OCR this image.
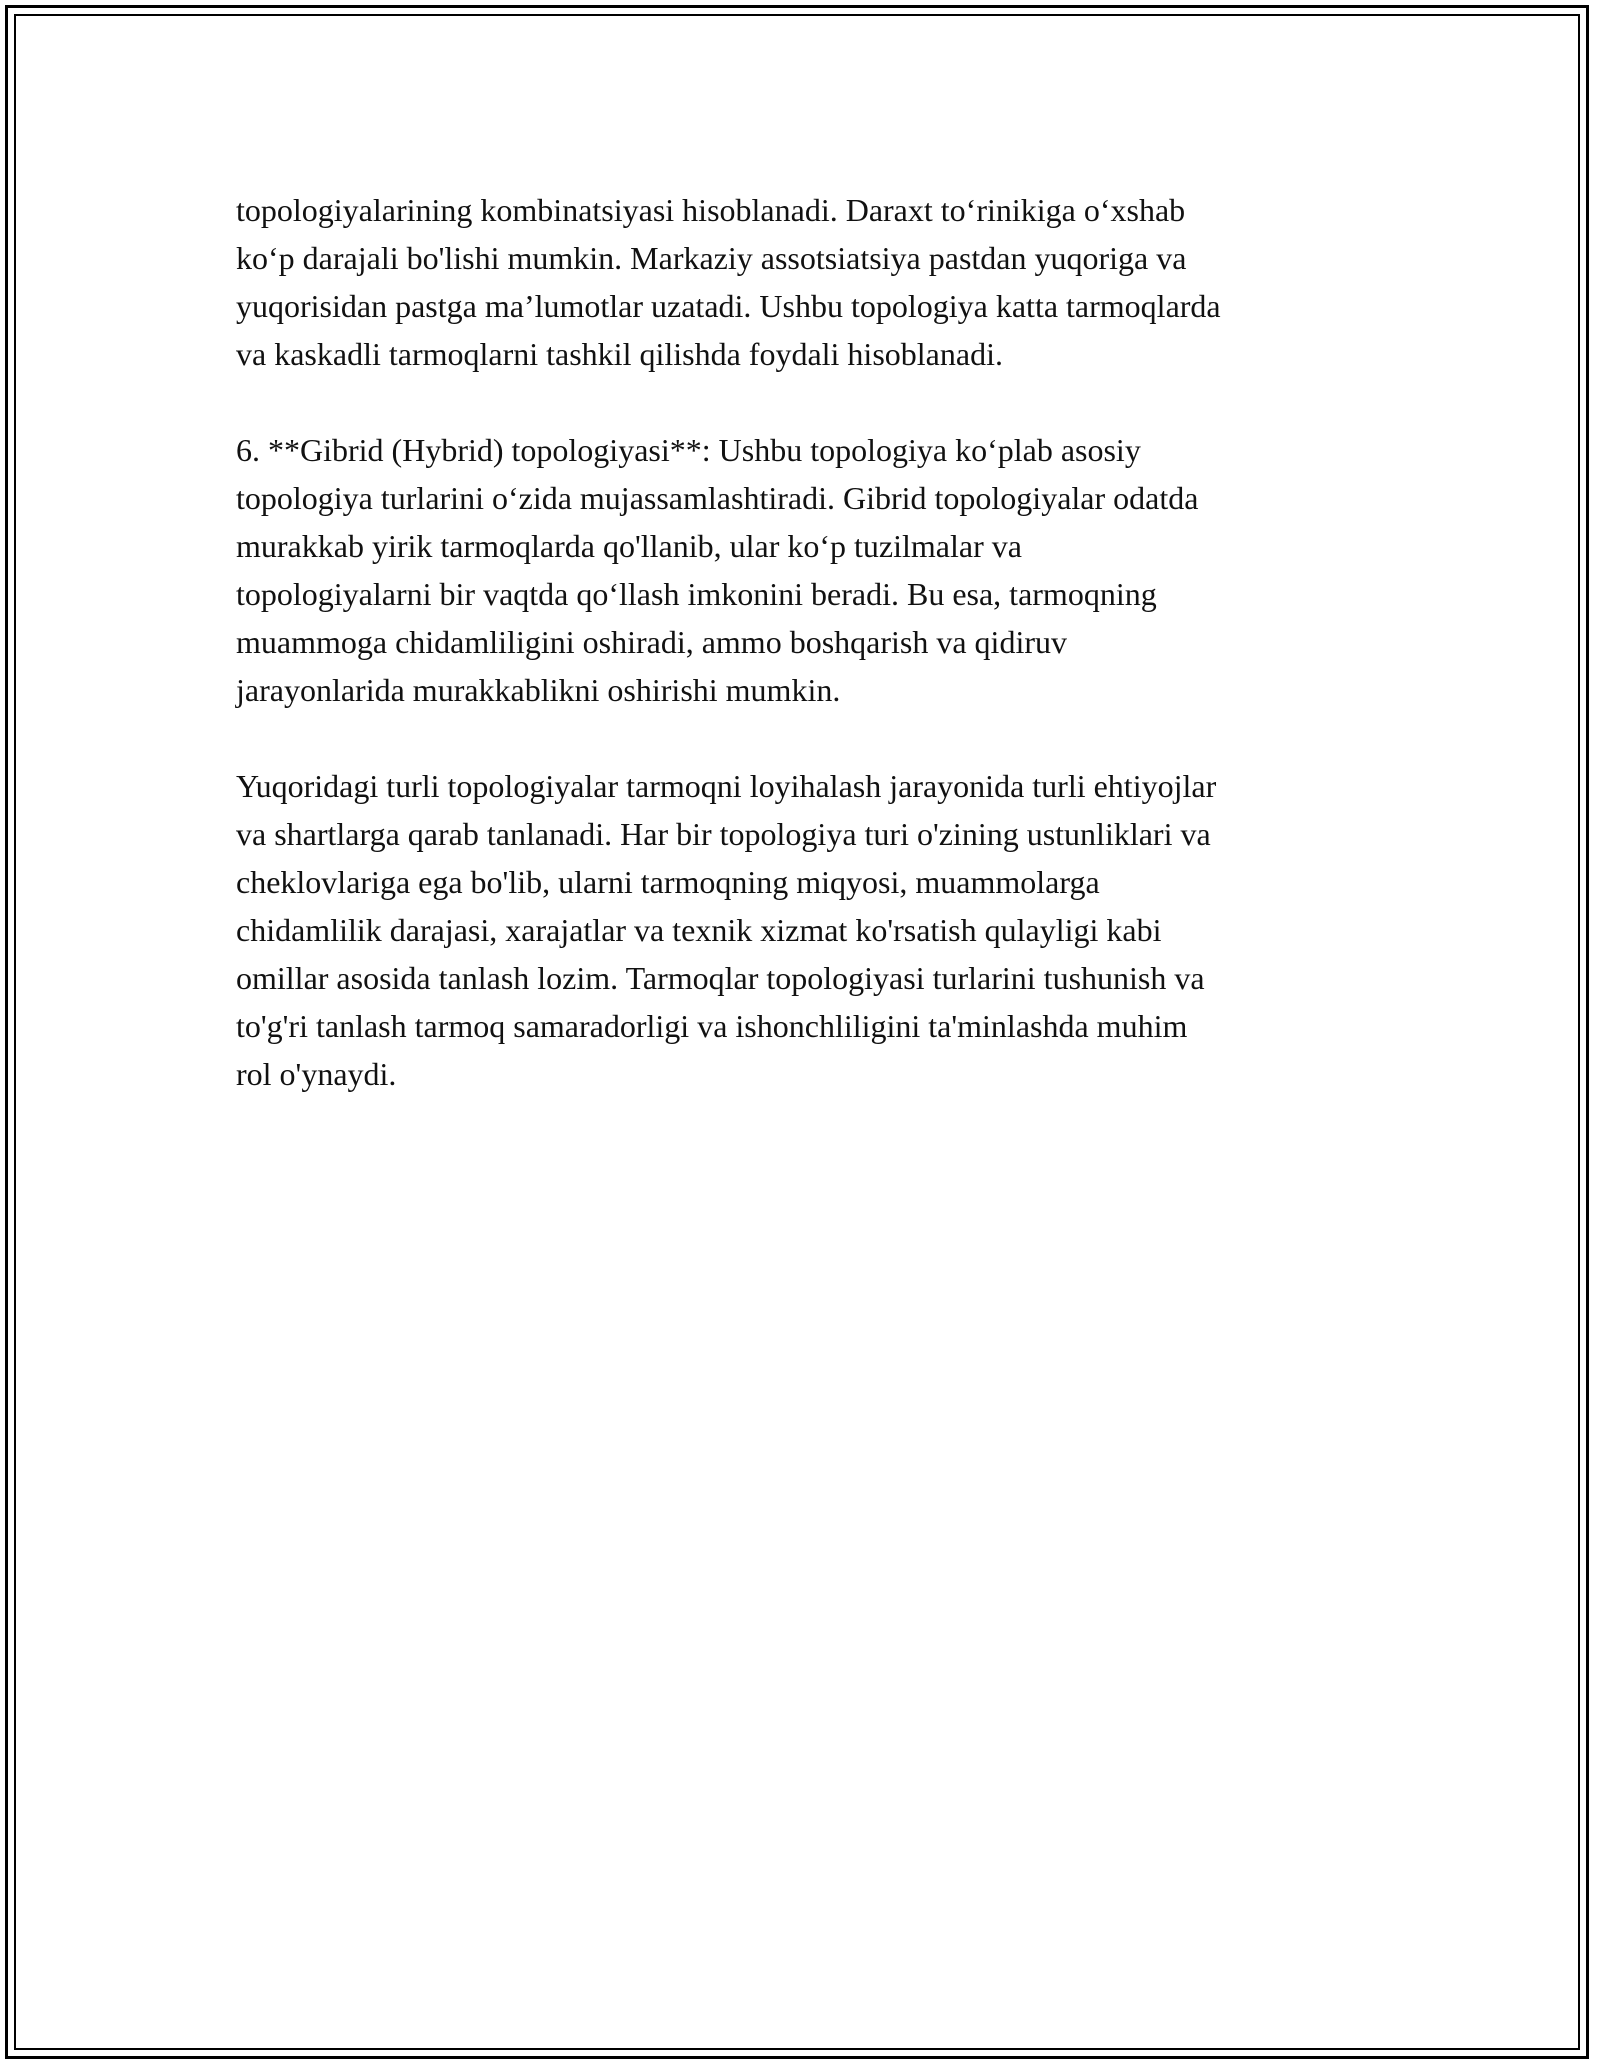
topologiyalarining kombinatsiyasi hisoblanadi. Daraxt to‘rinikiga o‘xshab
ko‘p darajali bo'lishi mumkin. Markaziy assotsiatsiya pastdan yuqoriga va
yuqorisidan pastga ma’lumotlar uzatadi. Ushbu topologiya katta tarmoqlarda
va kaskadli tarmoqlarni tashkil qilishda foydali hisoblanadi.

6. **Gibrid (Hybrid) topologiyasi**: Ushbu topologiya ko‘plab asosiy
topologiya turlarini o‘zida mujassamlashtiradi. Gibrid topologiyalar odatda
murakkab yirik tarmoqlarda qo'llanib, ular ko‘p tuzilmalar va
topologiyalarni bir vaqtda qo‘llash imkonini beradi. Bu esa, tarmoqning
muammoga chidamliligini oshiradi, ammo boshqarish va qidiruv
jarayonlarida murakkablikni oshirishi mumkin.

Yuqoridagi turli topologiyalar tarmoqni loyihalash jarayonida turli ehtiyojlar
va shartlarga qarab tanlanadi. Har bir topologiya turi o'zining ustunliklari va
cheklovlariga ega bo'lib, ularni tarmoqning miqyosi, muammolarga
chidamlilik darajasi, xarajatlar va texnik xizmat ko'rsatish qulayligi kabi
omillar asosida tanlash lozim. Tarmoqlar topologiyasi turlarini tushunish va
to'g'ri tanlash tarmoq samaradorligi va ishonchliligini ta'minlashda muhim
rol o'ynaydi.
